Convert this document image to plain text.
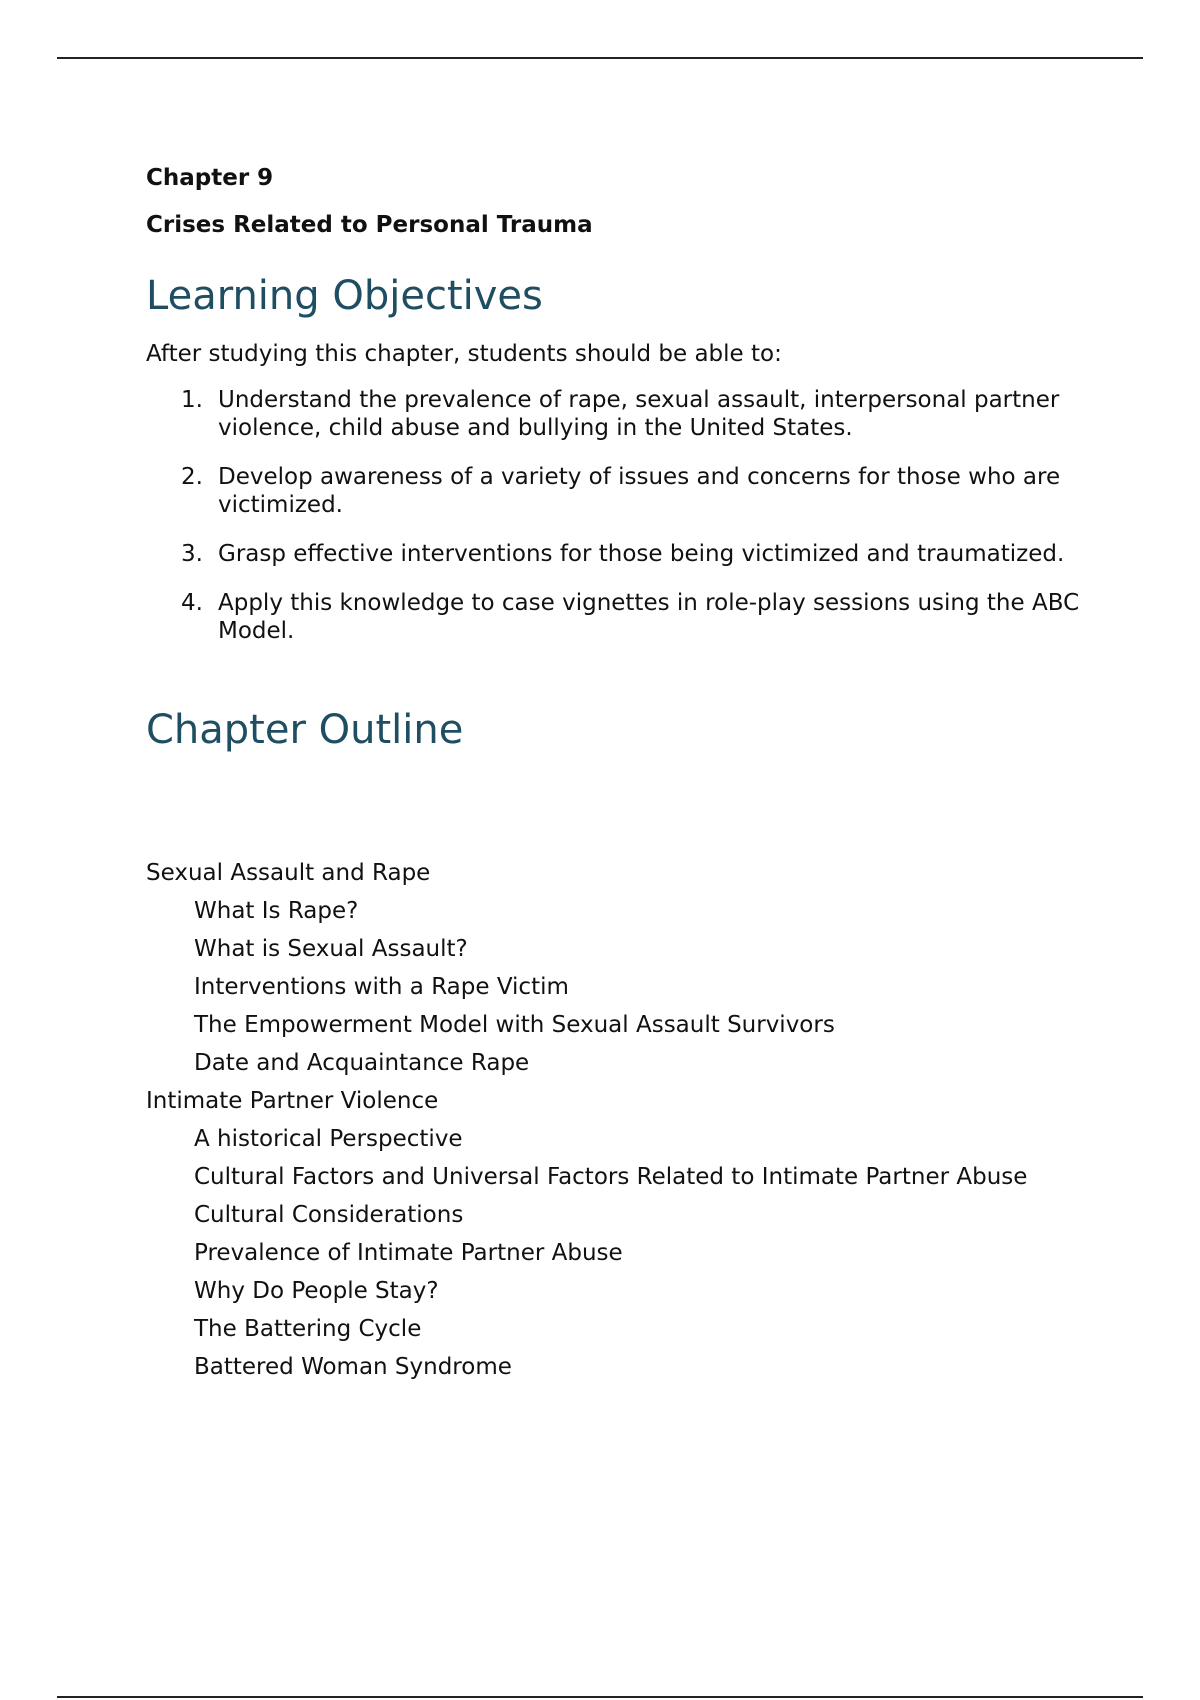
Chapter 9
Crises Related to Personal Trauma
Learning Objectives
After studying this chapter, students should be able to:
1. Understand the prevalence of rape, sexual assault, interpersonal partner violence, child abuse and bullying in the United States.
2. Develop awareness of a variety of issues and concerns for those who are victimized.
3. Grasp effective interventions for those being victimized and traumatized.
4. Apply this knowledge to case vignettes in role-play sessions using the ABC Model.
Chapter Outline
Sexual Assault and Rape
What Is Rape?
What is Sexual Assault?
Interventions with a Rape Victim
The Empowerment Model with Sexual Assault Survivors
Date and Acquaintance Rape
Intimate Partner Violence
A historical Perspective
Cultural Factors and Universal Factors Related to Intimate Partner Abuse
Cultural Considerations
Prevalence of Intimate Partner Abuse
Why Do People Stay?
The Battering Cycle
Battered Woman Syndrome
